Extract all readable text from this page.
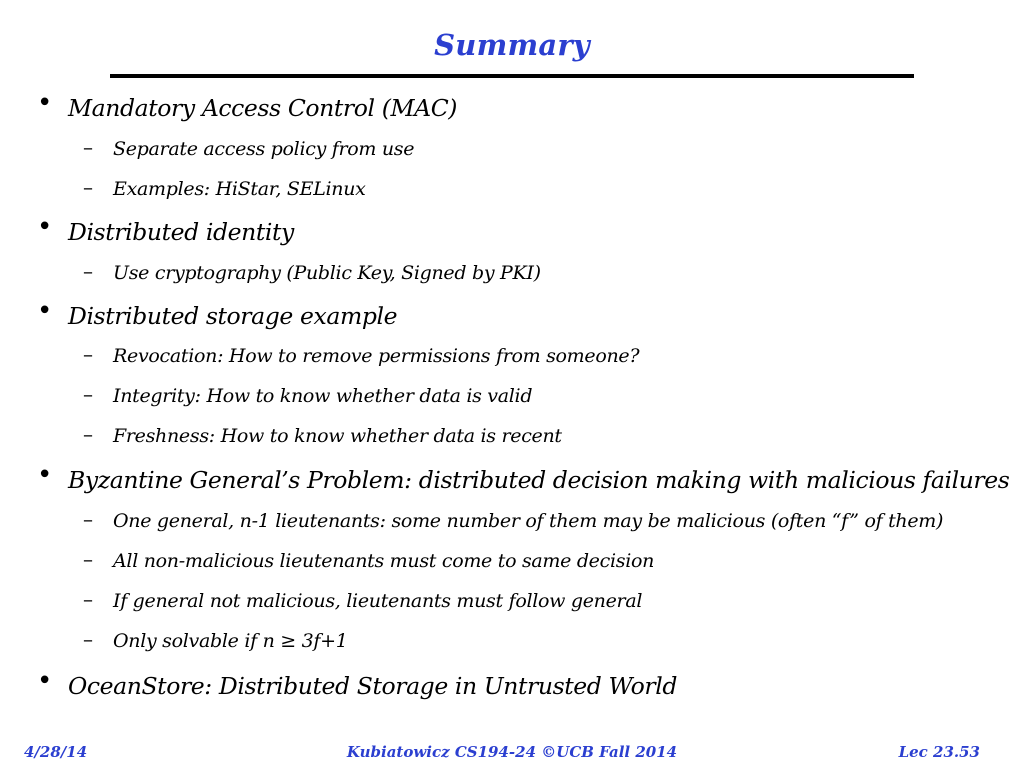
Summary
• Mandatory Access Control (MAC)
– Separate access policy from use
– Examples: HiStar, SELinux
• Distributed identity
– Use cryptography (Public Key, Signed by PKI)
• Distributed storage example
– Revocation: How to remove permissions from someone?
– Integrity: How to know whether data is valid
– Freshness: How to know whether data is recent
• Byzantine General’s Problem: distributed decision making with malicious failures
– One general, n-1 lieutenants: some number of them may be malicious (often “f” of them)
– All non-malicious lieutenants must come to same decision
– If general not malicious, lieutenants must follow general
– Only solvable if n ≥ 3f+1
• OceanStore: Distributed Storage in Untrusted World
4/28/14	Kubiatowicz CS194-24 ©UCB Fall 2014	Lec 23.53
